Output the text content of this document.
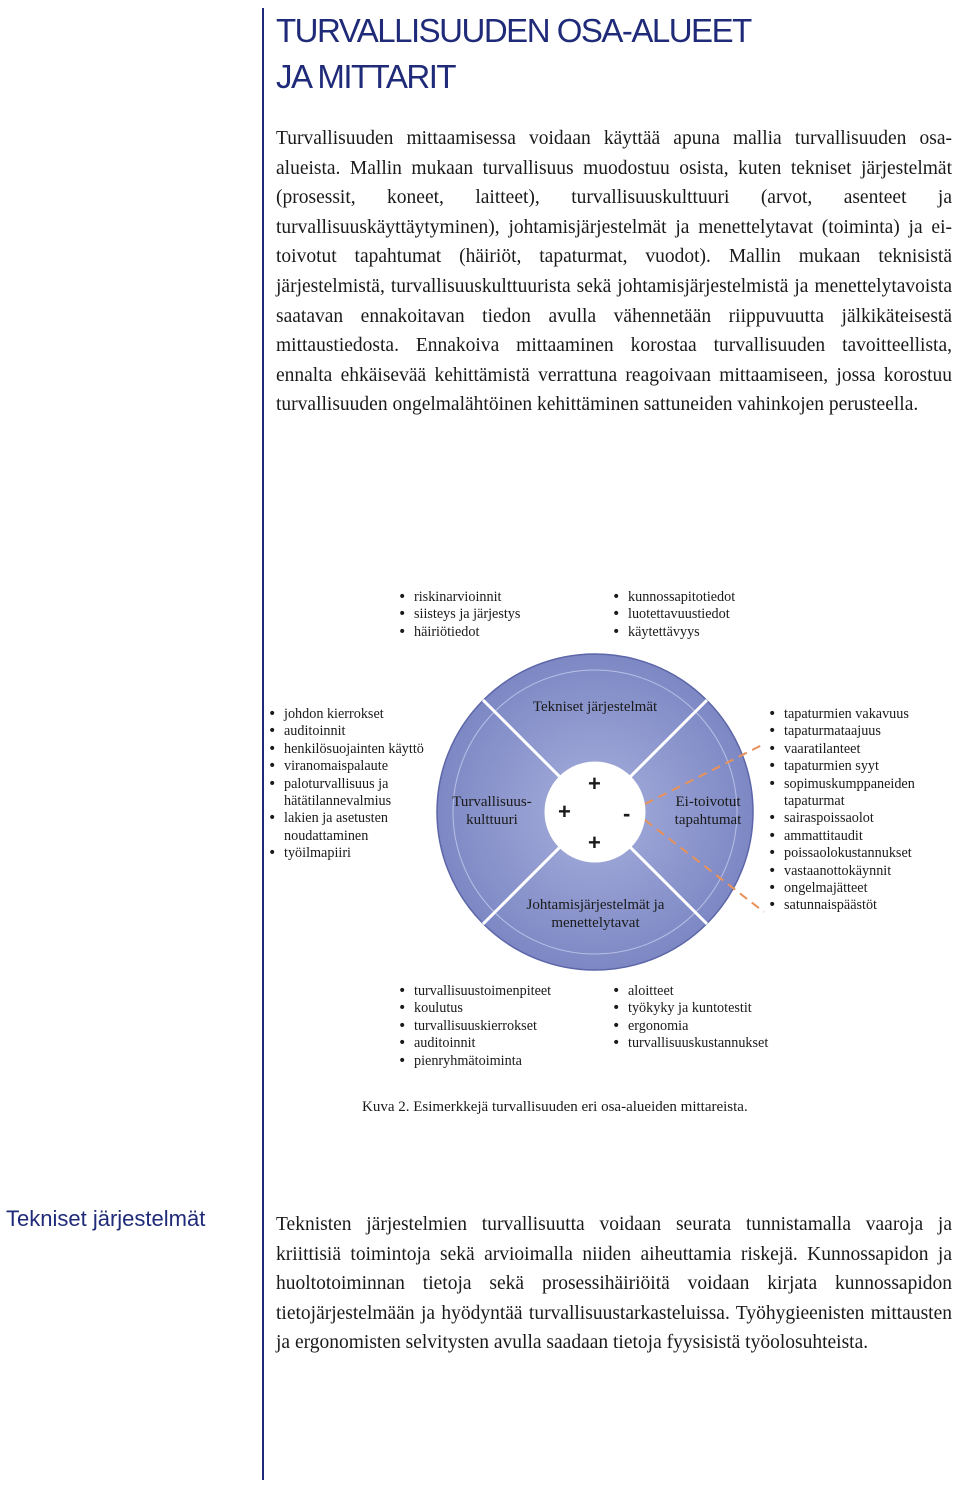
TURVALLISUUDEN OSA-ALUEET
JA MITTARIT

Turvallisuuden mittaamisessa voidaan käyttää apuna mallia turvallisuuden osa-alueista. Mallin mukaan turvallisuus muodostuu osista, kuten tekniset järjestelmät (prosessit, koneet, laitteet), turvallisuuskulttuuri (arvot, asenteet ja turvallisuuskäyttäytyminen), johtamisjärjestelmät ja menettelytavat (toiminta) ja ei-toivotut tapahtumat (häiriöt, tapaturmat, vuodot). Mallin mukaan teknisistä järjestelmistä, turvallisuuskulttuurista sekä johtamisjärjestelmistä ja menettelytavoista saatavan ennakoitavan tiedon avulla vähennetään riippuvuutta jälkikäteisestä mittaustiedosta. Ennakoiva mittaaminen korostaa turvallisuuden tavoitteellista, ennalta ehkäisevää kehittämistä verrattuna reagoivaan mittaamiseen, jossa korostuu turvallisuuden ongelmalähtöinen kehittäminen sattuneiden vahinkojen perusteella.

• riskinarvioinnit
• siisteys ja järjestys
• häiriötiedot
• kunnossapitotiedot
• luotettavuustiedot
• käytettävyys
• johdon kierrokset
• auditoinnit
• henkilösuojainten käyttö
• viranomaispalaute
• paloturvallisuus ja hätätilannevalmius
• lakien ja asetusten noudattaminen
• työilmapiiri
• tapaturmien vakavuus
• tapaturmataajuus
• vaaratilanteet
• tapaturmien syyt
• sopimuskumppaneiden tapaturmat
• sairaspoissaolot
• ammattitaudit
• poissaolokustannukset
• vastaanottokäynnit
• ongelmajätteet
• satunnaispäästöt
Tekniset järjestelmät
Turvallisuus-kulttuuri
Ei-toivotut tapahtumat
Johtamisjärjestelmät ja menettelytavat
+
+ -
+
• turvallisuustoimenpiteet
• koulutus
• turvallisuuskierrokset
• auditoinnit
• pienryhmätoiminta
• aloitteet
• työkyky ja kuntotestit
• ergonomia
• turvallisuuskustannukset

Kuva 2. Esimerkkejä turvallisuuden eri osa-alueiden mittareista.

Tekniset järjestelmät	Teknisten järjestelmien turvallisuutta voidaan seurata tunnistamalla vaaroja ja kriittisiä toimintoja sekä arvioimalla niiden aiheuttamia riskejä. Kunnossapidon ja huoltotoiminnan tietoja sekä prosessihäiriöitä voidaan kirjata kunnossapidon tietojärjestelmään ja hyödyntää turvallisuustarkasteluissa. Työhygieenisten mittausten ja ergonomisten selvitysten avulla saadaan tietoja fyysisistä työolosuhteista.
